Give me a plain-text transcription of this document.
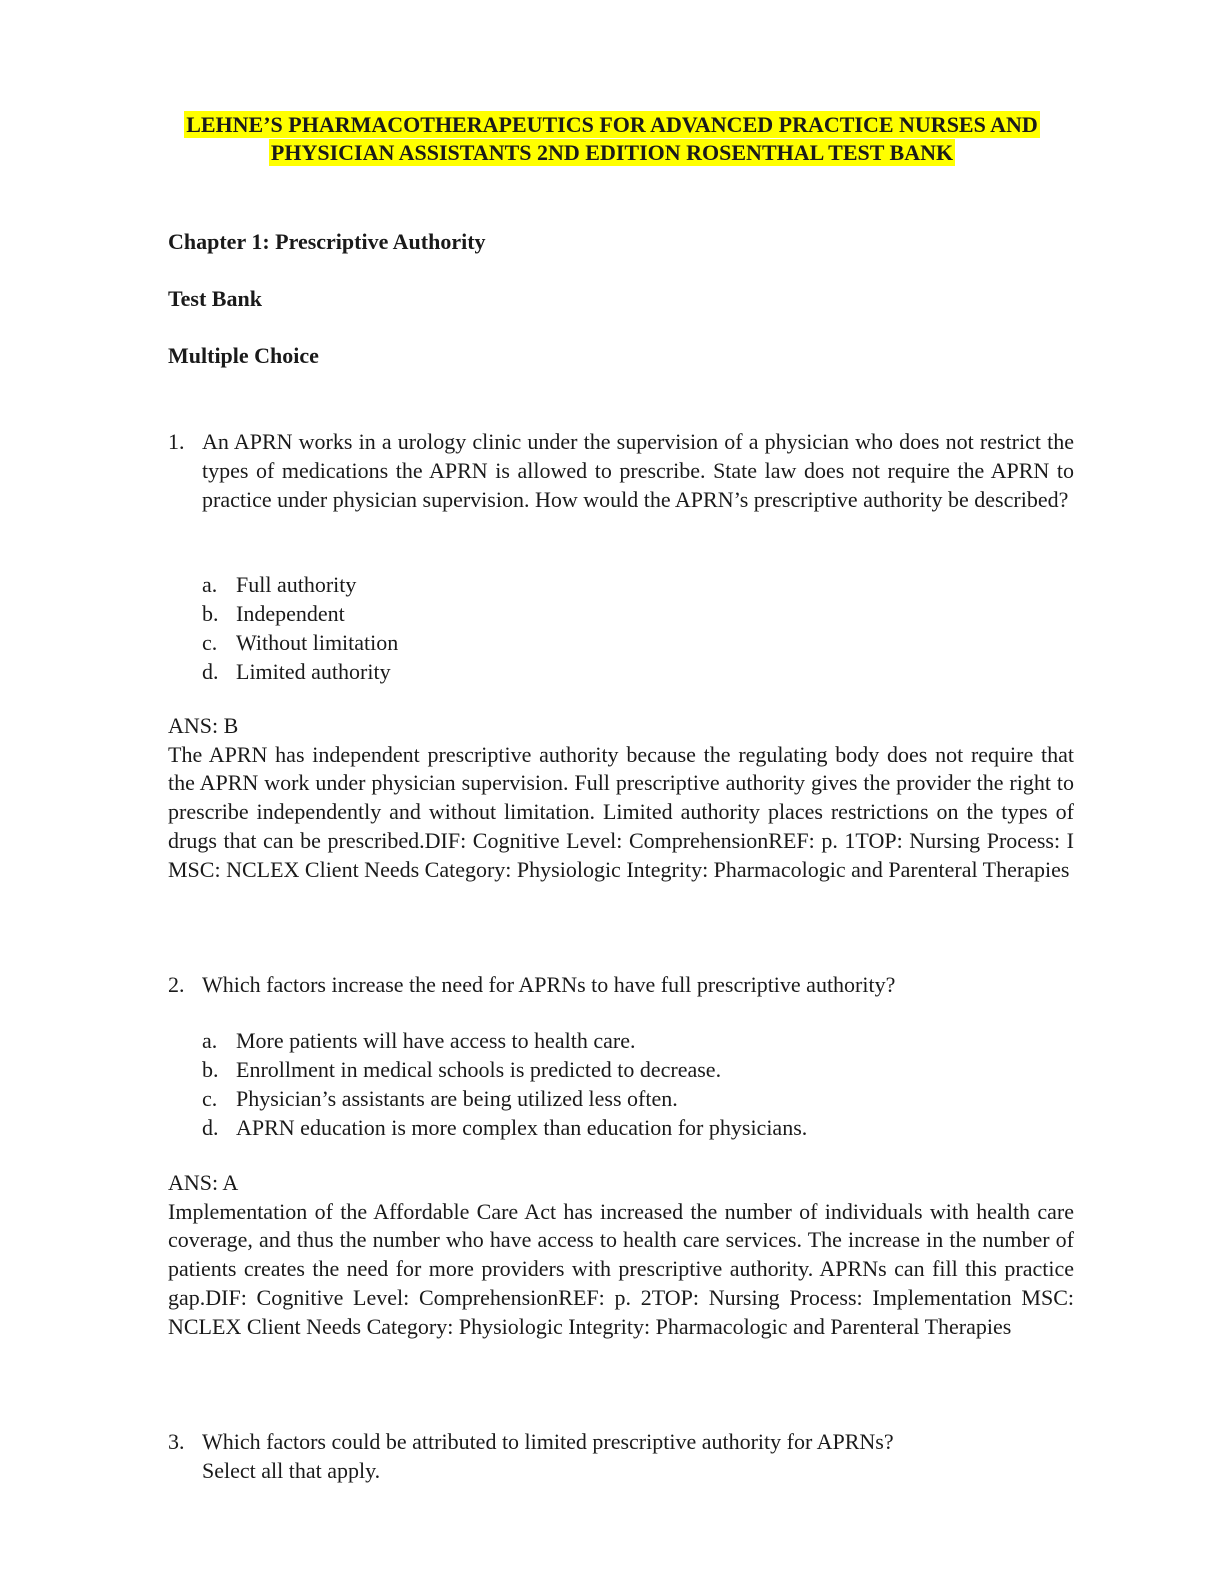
LEHNE’S PHARMACOTHERAPEUTICS FOR ADVANCED PRACTICE NURSES AND
PHYSICIAN ASSISTANTS 2ND EDITION ROSENTHAL TEST BANK
Chapter 1: Prescriptive Authority
Test Bank
Multiple Choice
1. An APRN works in a urology clinic under the supervision of a physician who does not restrict the types of medications the APRN is allowed to prescribe. State law does not require the APRN to practice under physician supervision. How would the APRN’s prescriptive authority be described?
a. Full authority
b. Independent
c. Without limitation
d. Limited authority
ANS: B
The APRN has independent prescriptive authority because the regulating body does not require that the APRN work under physician supervision. Full prescriptive authority gives the provider the right to prescribe independently and without limitation. Limited authority places restrictions on the types of drugs that can be prescribed.DIF: Cognitive Level: ComprehensionREF: p. 1TOP: Nursing Process: I MSC: NCLEX Client Needs Category: Physiologic Integrity: Pharmacologic and Parenteral Therapies
2. Which factors increase the need for APRNs to have full prescriptive authority?
a. More patients will have access to health care.
b. Enrollment in medical schools is predicted to decrease.
c. Physician’s assistants are being utilized less often.
d. APRN education is more complex than education for physicians.
ANS: A
Implementation of the Affordable Care Act has increased the number of individuals with health care coverage, and thus the number who have access to health care services. The increase in the number of patients creates the need for more providers with prescriptive authority. APRNs can fill this practice gap.DIF: Cognitive Level: ComprehensionREF: p. 2TOP: Nursing Process: Implementation MSC: NCLEX Client Needs Category: Physiologic Integrity: Pharmacologic and Parenteral Therapies
3. Which factors could be attributed to limited prescriptive authority for APRNs?
Select all that apply.
